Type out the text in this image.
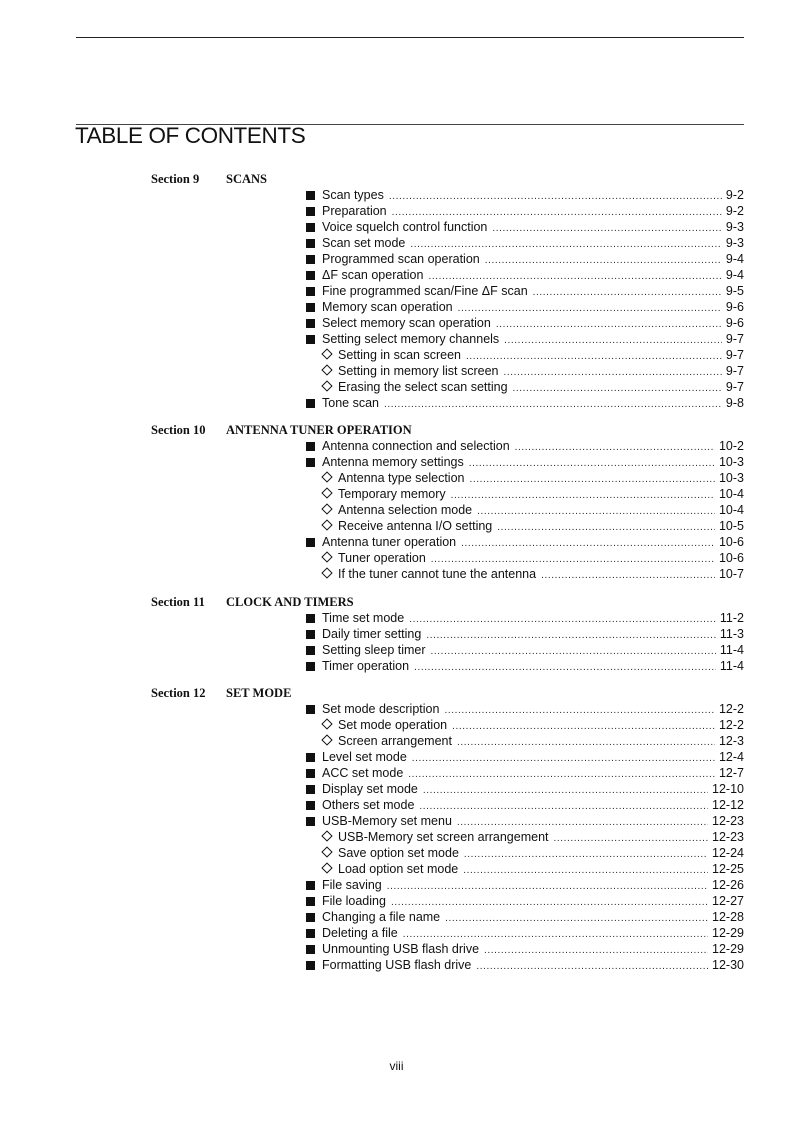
TABLE OF CONTENTS
Section 9 SCANS
Scan types .....	9-2
Preparation .....	9-2
Voice squelch control function .....	9-3
Scan set mode .....	9-3
Programmed scan operation .....	9-4
ΔF scan operation .....	9-4
Fine programmed scan/Fine ΔF scan .....	9-5
Memory scan operation .....	9-6
Select memory scan operation .....	9-6
Setting select memory channels .....	9-7
Setting in scan screen .....	9-7
Setting in memory list screen .....	9-7
Erasing the select scan setting .....	9-7
Tone scan .....	9-8
Section 10 ANTENNA TUNER OPERATION
Antenna connection and selection .....	10-2
Antenna memory settings .....	10-3
Antenna type selection .....	10-3
Temporary memory .....	10-4
Antenna selection mode .....	10-4
Receive antenna I/O setting .....	10-5
Antenna tuner operation .....	10-6
Tuner operation .....	10-6
If the tuner cannot tune the antenna .....	10-7
Section 11 CLOCK AND TIMERS
Time set mode .....	11-2
Daily timer setting .....	11-3
Setting sleep timer .....	11-4
Timer operation .....	11-4
Section 12 SET MODE
Set mode description .....	12-2
Set mode operation .....	12-2
Screen arrangement .....	12-3
Level set mode .....	12-4
ACC set mode .....	12-7
Display set mode .....	12-10
Others set mode .....	12-12
USB-Memory set menu .....	12-23
USB-Memory set screen arrangement .....	12-23
Save option set mode .....	12-24
Load option set mode .....	12-25
File saving .....	12-26
File loading .....	12-27
Changing a file name .....	12-28
Deleting a file .....	12-29
Unmounting USB flash drive .....	12-29
Formatting USB flash drive .....	12-30
viii
